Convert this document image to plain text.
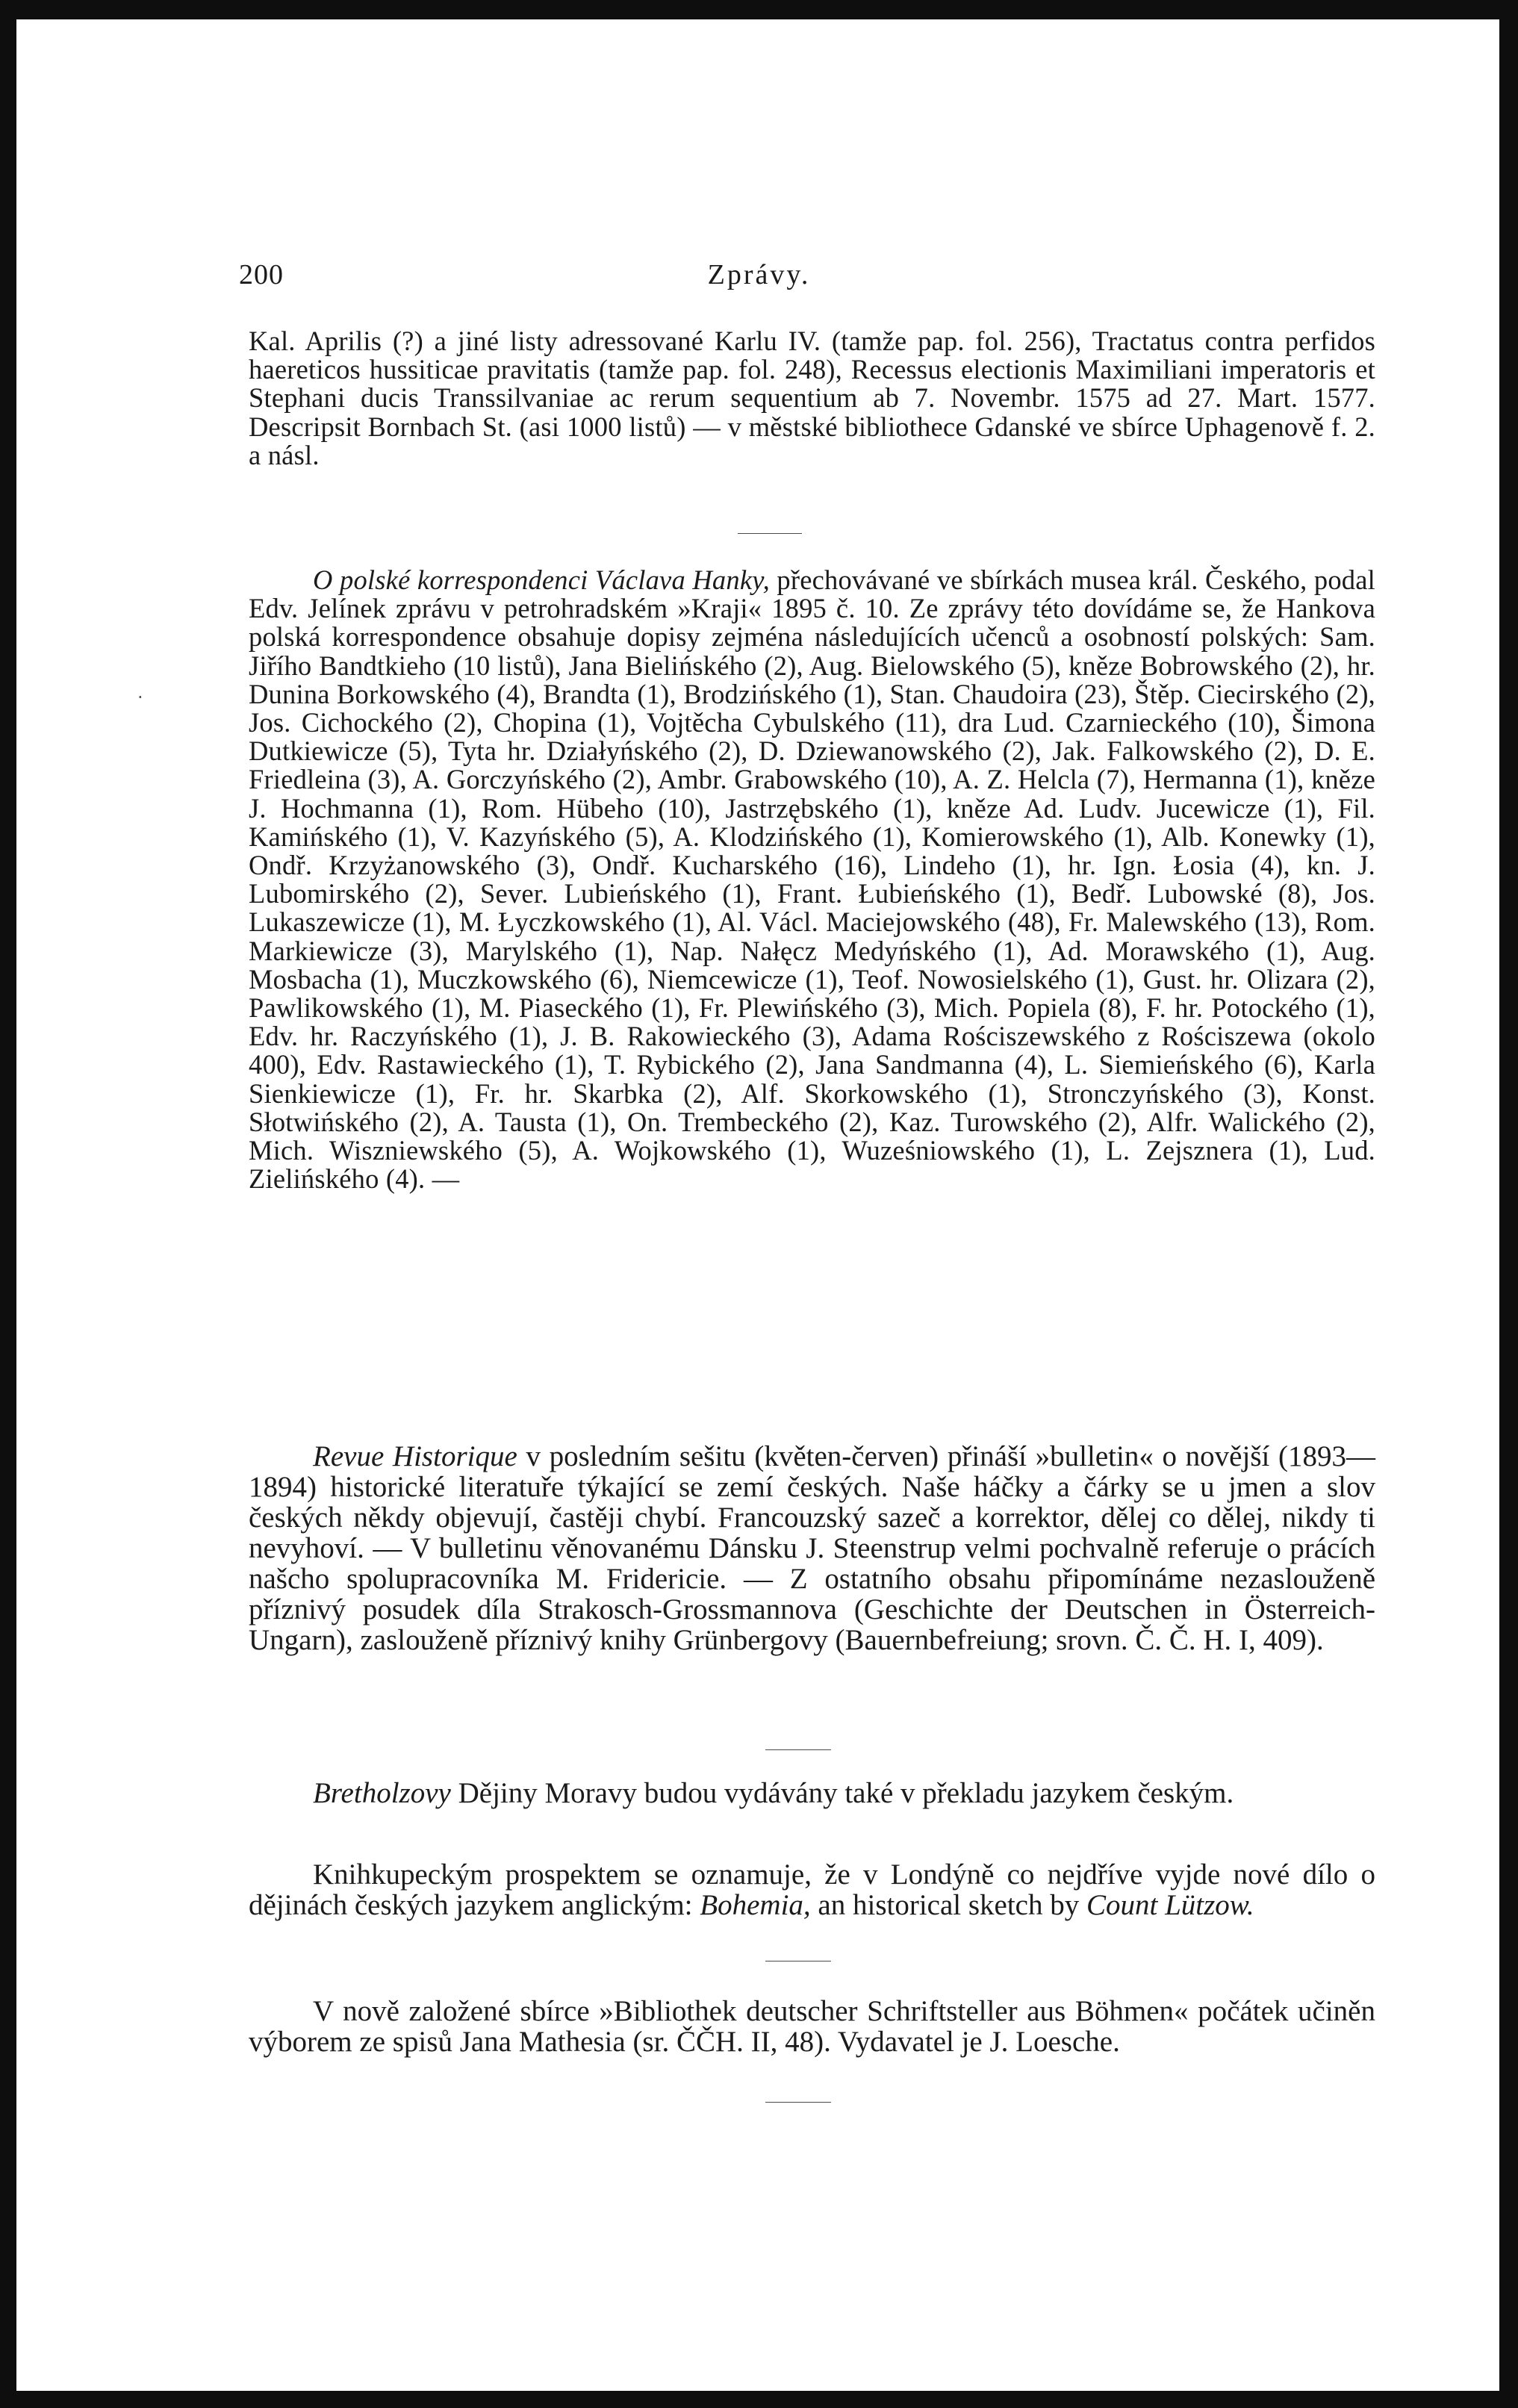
200	Zprávy.

Kal. Aprilis (?) a jiné listy adressované Karlu IV. (tamže pap. fol. 256), Tractatus contra perfidos haereticos hussiticae pravitatis (tamže pap. fol. 248), Recessus electionis Maximiliani imperatoris et Stephani ducis Transsilvaniae ac rerum sequentium ab 7. Novembr. 1575 ad 27. Mart. 1577. Descripsit Bornbach St. (asi 1000 listů) — v městské bibliothece Gdanské ve sbírce Uphagenově f. 2. a násl.

O polské korrespondenci Václava Hanky, přechovávané ve sbírkách musea král. Českého, podal Edv. Jelínek zprávu v petrohradském »Kraji« 1895 č. 10. Ze zprávy této dovídáme se, že Hankova polská korrespondence obsahuje dopisy zejména následujících učenců a osobností polských: Sam. Jiřího Bandtkieho (10 listů), Jana Bielińského (2), Aug. Bielowského (5), kněze Bobrowského (2), hr. Dunina Borkowského (4), Brandta (1), Brodzińského (1), Stan. Chaudoira (23), Štěp. Ciecirského (2), Jos. Cichockého (2), Chopina (1), Vojtěcha Cybulského (11), dra Lud. Czarnieckého (10), Šimona Dutkiewicze (5), Tyta hr. Działyńského (2), D. Dziewanowského (2), Jak. Falkowského (2), D. E. Friedleina (3), A. Gorczyńského (2), Ambr. Grabowského (10), A. Z. Helcla (7), Hermanna (1), kněze J. Hochmanna (1), Rom. Hübeho (10), Jastrzębského (1), kněze Ad. Ludv. Jucewicze (1), Fil. Kamińského (1), V. Kazyńského (5), A. Klodzińského (1), Komierowského (1), Alb. Konewky (1), Ondř. Krzyżanowského (3), Ondř. Kucharského (16), Lindeho (1), hr. Ign. Łosia (4), kn. J. Lubomirského (2), Sever. Lubieńského (1), Frant. Łubieńského (1), Bedř. Lubowské (8), Jos. Lukaszewicze (1), M. Łyczkowského (1), Al. Václ. Maciejowského (48), Fr. Malewského (13), Rom. Markiewicze (3), Marylského (1), Nap. Nałęcz Medyńského (1), Ad. Morawského (1), Aug. Mosbacha (1), Muczkowského (6), Niemcewicze (1), Teof. Nowosielského (1), Gust. hr. Olizara (2), Pawlikowského (1), M. Piaseckého (1), Fr. Plewińského (3), Mich. Popiela (8), F. hr. Potockého (1), Edv. hr. Raczyńského (1), J. B. Rakowieckého (3), Adama Rościszewského z Rościszewa (okolo 400), Edv. Rastawieckého (1), T. Rybického (2), Jana Sandmanna (4), L. Siemieńského (6), Karla Sienkiewicze (1), Fr. hr. Skarbka (2), Alf. Skorkowského (1), Stronczyńského (3), Konst. Słotwińského (2), A. Tausta (1), On. Trembeckého (2), Kaz. Turowského (2), Alfr. Walického (2), Mich. Wiszniewského (5), A. Wojkowského (1), Wuześniowského (1), L. Zejsznera (1), Lud. Zielińského (4). —

.

Revue Historique v posledním sešitu (květen-červen) přináší »bulletin« o novější (1893—1894) historické literatuře týkající se zemí českých. Naše háčky a čárky se u jmen a slov českých někdy objevují, častěji chybí. Francouzský sazeč a korrektor, dělej co dělej, nikdy ti nevyhoví. — V bulletinu věnovanému Dánsku J. Steenstrup velmi pochvalně referuje o prácích našcho spolupracovníka M. Fridericie. — Z ostatního obsahu připomínáme nezaslouženě příznivý posudek díla Strakosch-Grossmannova (Geschichte der Deutschen in Österreich-Ungarn), zaslouženě příznivý knihy Grünbergovy (Bauernbefreiung; srovn. Č. Č. H. I, 409).

Bretholzovy Dějiny Moravy budou vydávány také v překladu jazykem českým.

Knihkupeckým prospektem se oznamuje, že v Londýně co nejdříve vyjde nové dílo o dějinách českých jazykem anglickým: Bohemia, an historical sketch by Count Lützow.

V nově založené sbírce »Bibliothek deutscher Schriftsteller aus Böhmen« počátek učiněn výborem ze spisů Jana Mathesia (sr. ČČH. II, 48). Vydavatel je J. Loesche.
